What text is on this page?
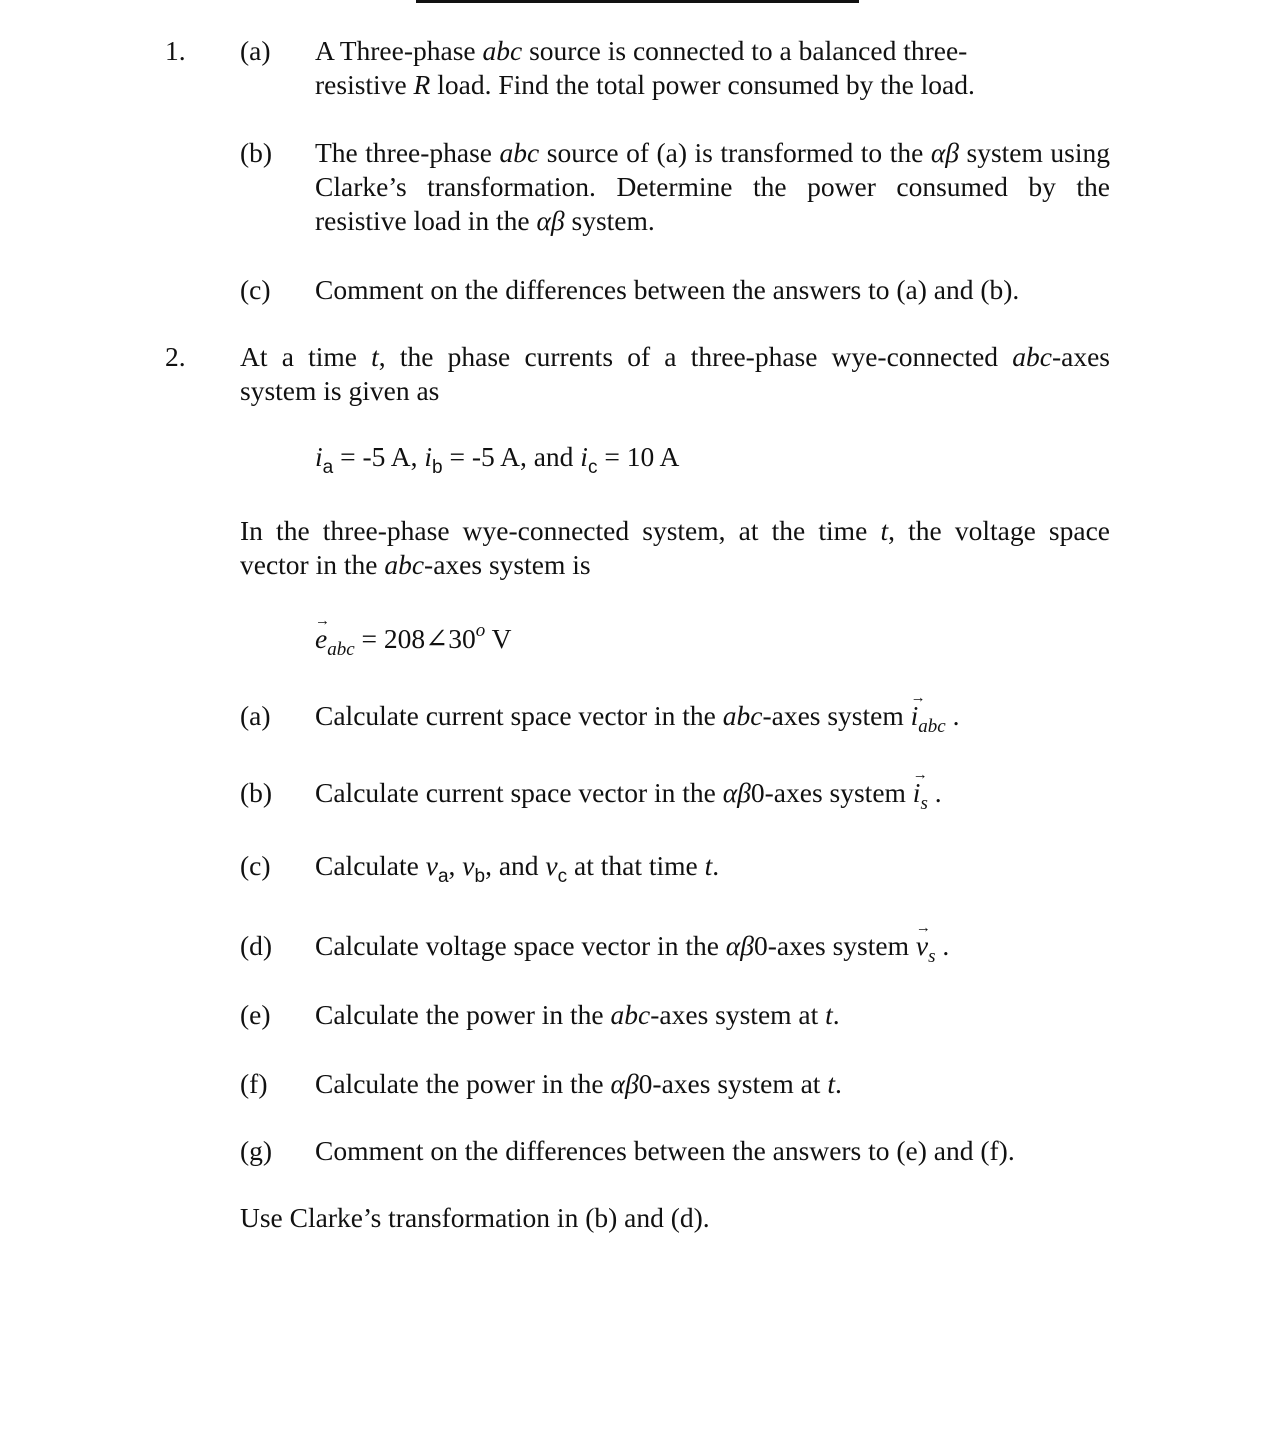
1. (a) A Three-phase abc source is connected to a balanced three-
resistive R load. Find the total power consumed by the load.
(b) The three-phase abc source of (a) is transformed to the αβ system using Clarke’s transformation. Determine the power consumed by the resistive load in the αβ system.
(c) Comment on the differences between the answers to (a) and (b).
2. At a time t, the phase currents of a three-phase wye-connected abc-axes system is given as
$i_a = -5$ A, $i_b = -5$ A, and $i_c = 10$ A
In the three-phase wye-connected system, at the time t, the voltage space vector in the abc-axes system is
→ $e_{abc}$ = $208\angle 30^o$ V
(a) Calculate current space vector in the abc-axes system → $i_{abc}$ .
(b) Calculate current space vector in the αβ0-axes system → $i_s$ .
(c) Calculate $v_a$, $v_b$, and $v_c$ at that time t.
(d) Calculate voltage space vector in the αβ0-axes system → $v_s$ .
(e) Calculate the power in the abc-axes system at t.
(f) Calculate the power in the αβ0-axes system at t.
(g) Comment on the differences between the answers to (e) and (f).
Use Clarke’s transformation in (b) and (d).
